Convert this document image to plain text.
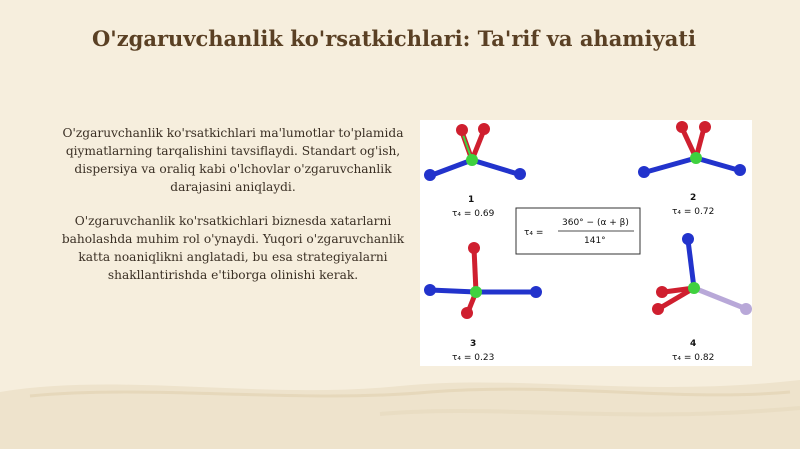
O'zgaruvchanlik ko'rsatkichlari: Ta'rif va ahamiyati

O'zgaruvchanlik ko'rsatkichlari ma'lumotlar to'plamida qiymatlarning tarqalishini tavsiflaydi. Standart og'ish, dispersiya va oraliq kabi o'lchovlar o'zgaruvchanlik darajasini aniqlaydi.

O'zgaruvchanlik ko'rsatkichlari biznesda xatarlarni baholashda muhim rol o'ynaydi. Yuqori o'zgaruvchanlik katta noaniqlikni anglatadi, bu esa strategiyalarni shakllantirishda e'tiborga olinishi kerak.

1
τ₄ = 0.69
2
τ₄ = 0.72
τ₄ =
360° − (α + β)
141°
3
τ₄ = 0.23
4
τ₄ = 0.82
